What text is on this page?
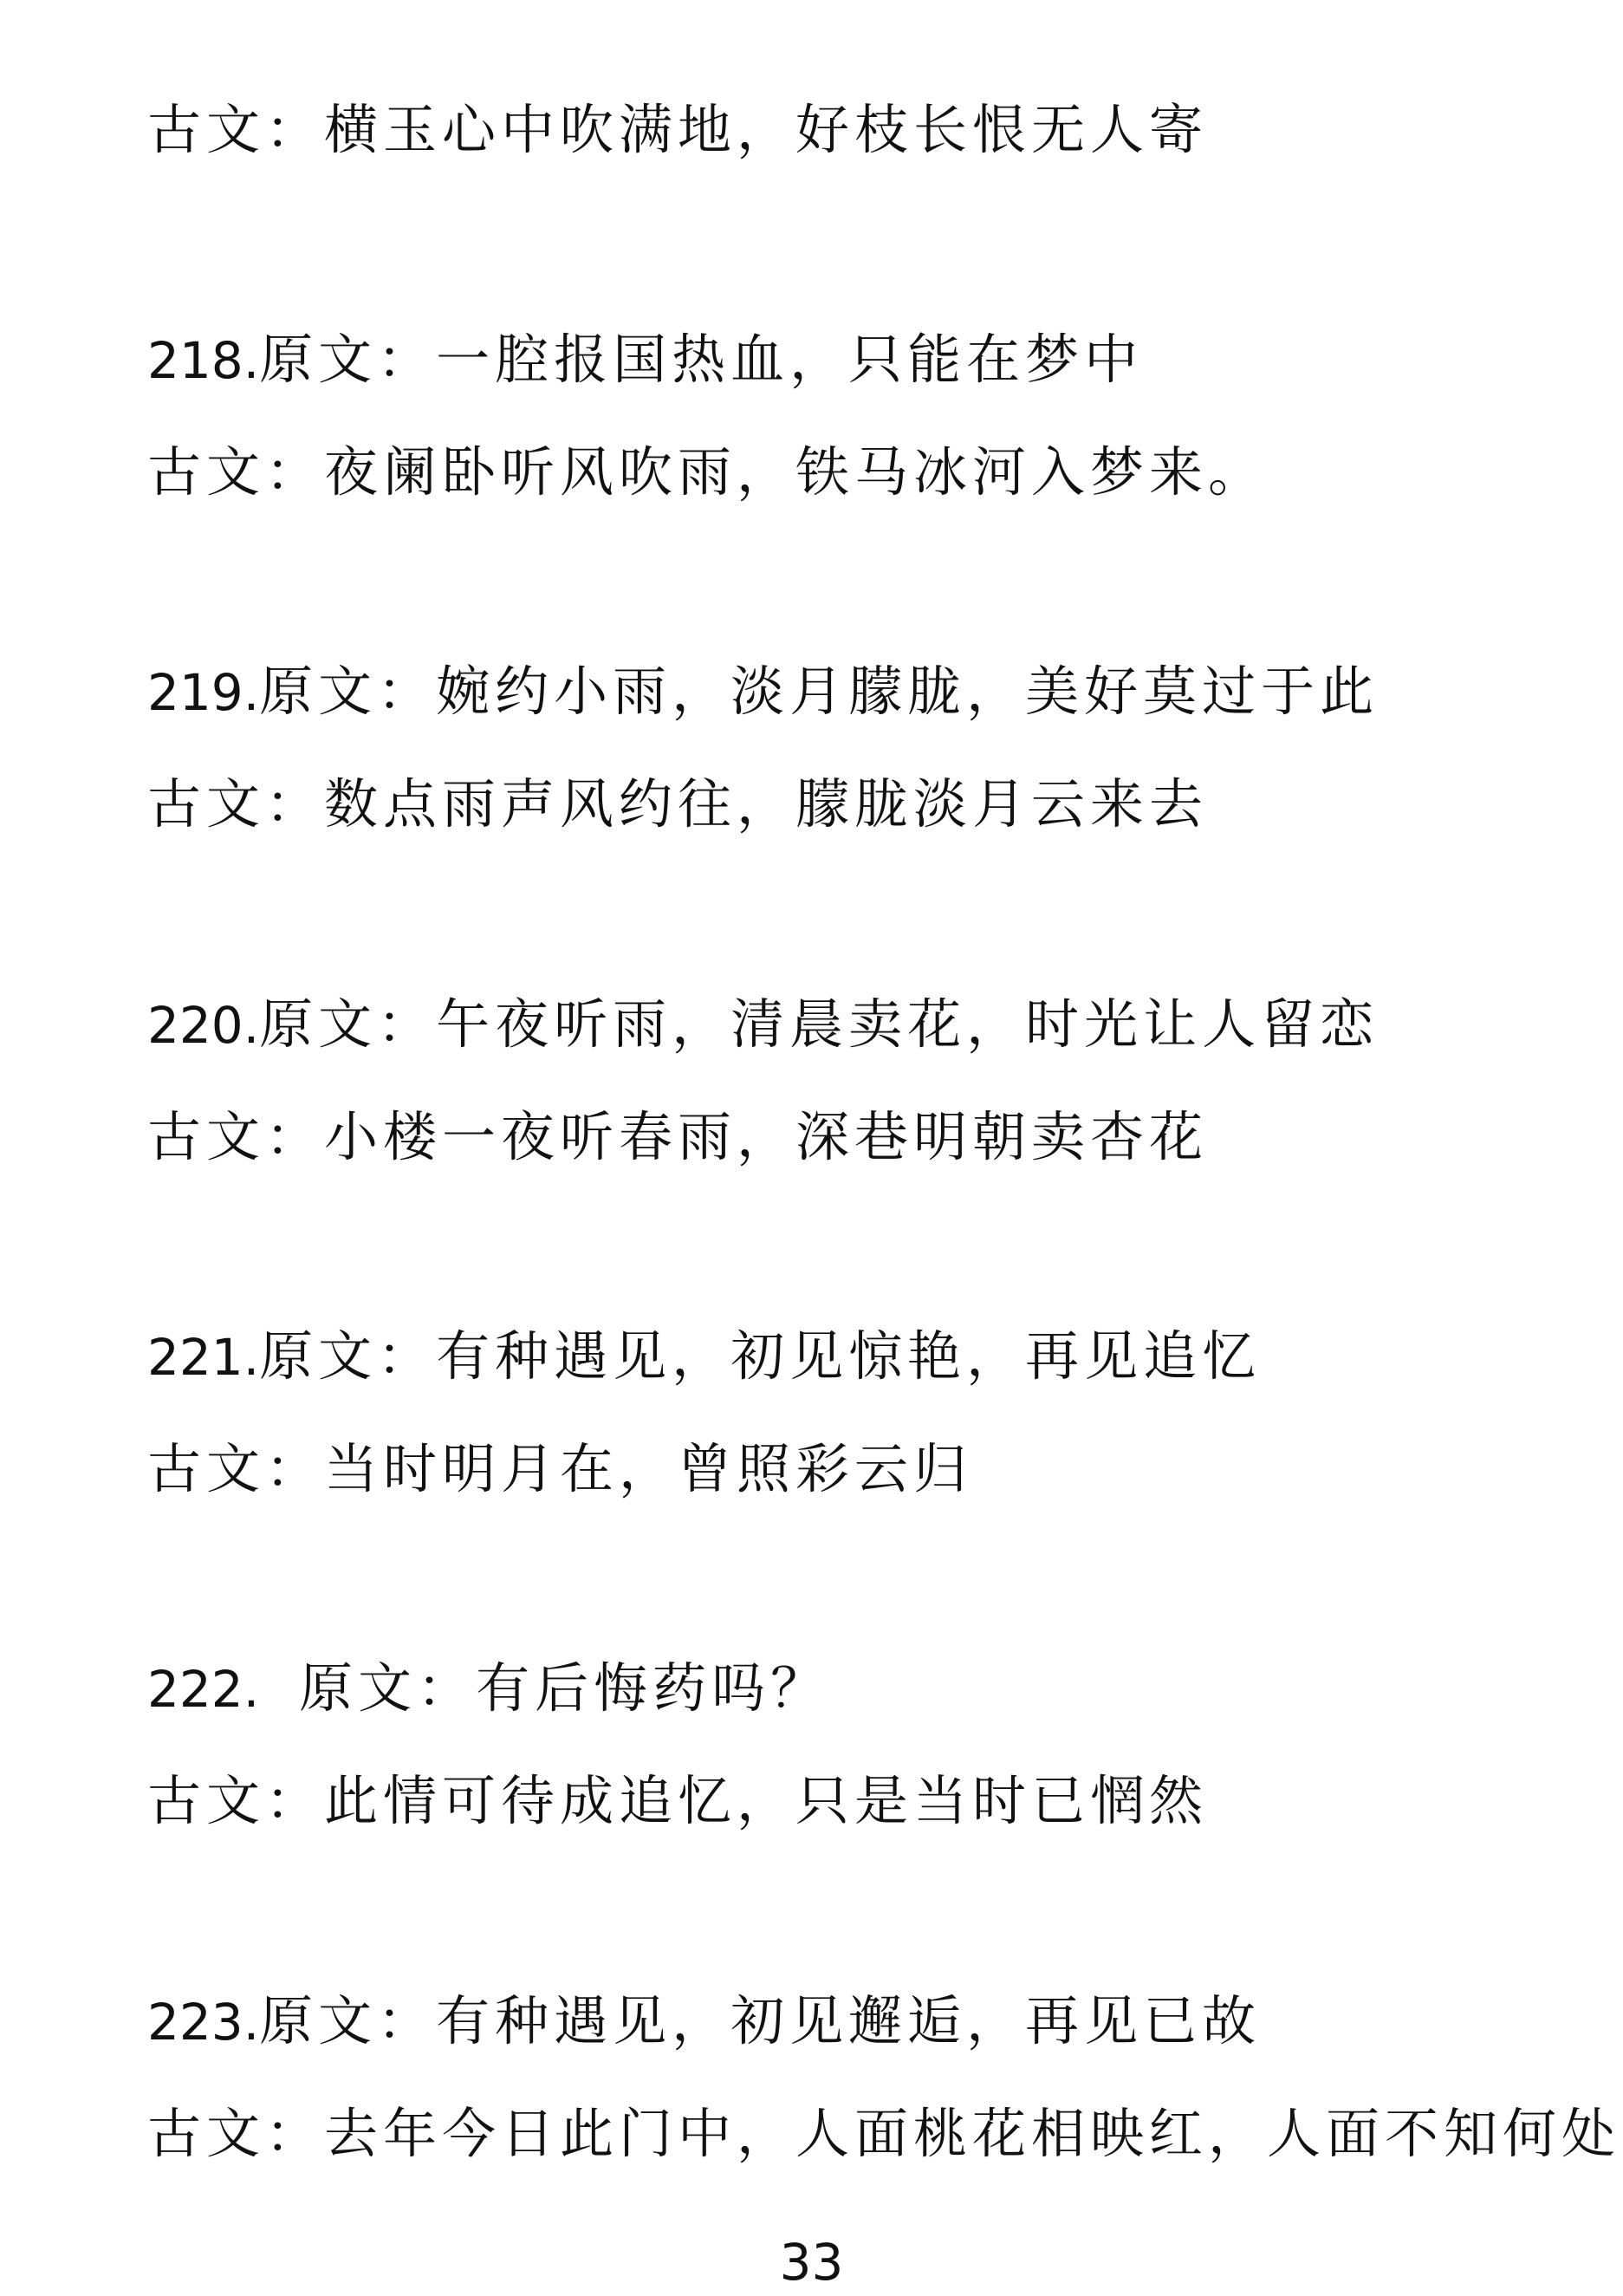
古文：横玉心中吹满地，好枝长恨无人寄
218.原文：一腔报国热血，只能在梦中
古文：夜阑卧听风吹雨，铁马冰河入梦来。
219.原文：婉约小雨，淡月朦胧，美好莫过于此
古文：数点雨声风约往，朦胧淡月云来去
220.原文：午夜听雨，清晨卖花，时光让人留恋
古文：小楼一夜听春雨，深巷明朝卖杏花
221.原文：有种遇见，初见惊艳，再见追忆
古文：当时明月在，曾照彩云归
222. 原文：有后悔药吗？
古文：此情可待成追忆，只是当时已惘然
223.原文：有种遇见，初见邂逅，再见已故
古文：去年今日此门中，人面桃花相映红，人面不知何处
33
